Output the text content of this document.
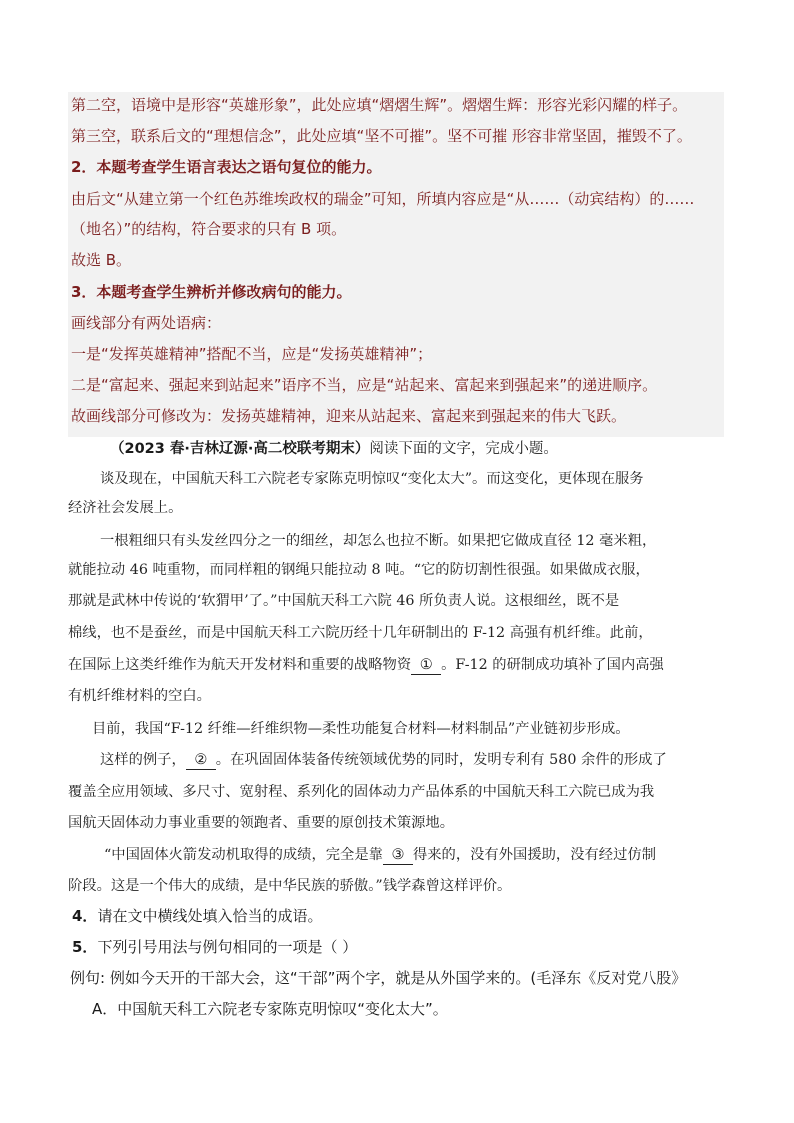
第二空，语境中是形容“英雄形象”，此处应填“熠熠生辉”。熠熠生辉：形容光彩闪耀的样子。
第三空，联系后文的“理想信念”，此处应填“坚不可摧”。坚不可摧 形容非常坚固，摧毁不了。
2．本题考查学生语言表达之语句复位的能力。
由后文“从建立第一个红色苏维埃政权的瑞金”可知，所填内容应是“从……（动宾结构）的……
（地名）”的结构，符合要求的只有 B 项。
故选 B。
3．本题考查学生辨析并修改病句的能力。
画线部分有两处语病：
一是“发挥英雄精神”搭配不当，应是“发扬英雄精神”；
二是“富起来、强起来到站起来”语序不当，应是“站起来、富起来到强起来”的递进顺序。
故画线部分可修改为：发扬英雄精神，迎来从站起来、富起来到强起来的伟大飞跃。
（2023 春·吉林辽源·高二校联考期末）阅读下面的文字，完成小题。
谈及现在，中国航天科工六院老专家陈克明惊叹“变化太大”。而这变化，更体现在服务
经济社会发展上。
一根粗细只有头发丝四分之一的细丝，却怎么也拉不断。如果把它做成直径 12 毫米粗，
就能拉动 46 吨重物，而同样粗的钢绳只能拉动 8 吨。“它的防切割性很强。如果做成衣服，
那就是武林中传说的‘软猬甲’了。”中国航天科工六院 46 所负责人说。这根细丝，既不是
棉线，也不是蚕丝，而是中国航天科工六院历经十几年研制出的 F-12 高强有机纤维。此前，
在国际上这类纤维作为航天开发材料和重要的战略物资 ① 。F-12 的研制成功填补了国内高强
有机纤维材料的空白。
目前，我国“F-12 纤维—纤维织物—柔性功能复合材料—材料制品”产业链初步形成。
这样的例子， ② 。在巩固固体装备传统领域优势的同时，发明专利有 580 余件的形成了
覆盖全应用领域、多尺寸、宽射程、系列化的固体动力产品体系的中国航天科工六院已成为我
国航天固体动力事业重要的领跑者、重要的原创技术策源地。
“中国固体火箭发动机取得的成绩，完全是靠 ③ 得来的，没有外国援助，没有经过仿制
阶段。这是一个伟大的成绩，是中华民族的骄傲。”钱学森曾这样评价。
4．请在文中横线处填入恰当的成语。
5．下列引号用法与例句相同的一项是（ ）
例句: 例如今天开的干部大会，这“干部”两个字，就是从外国学来的。(毛泽东《反对党八股》
A．中国航天科工六院老专家陈克明惊叹“变化太大”。
